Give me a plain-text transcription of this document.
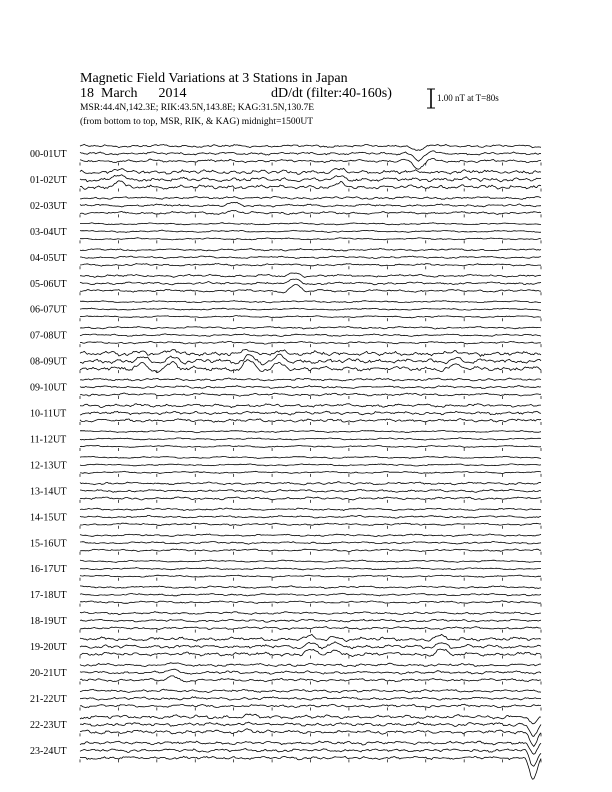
Magnetic Field Variations at 3 Stations in Japan
18 March 2014	dD/dt (filter:40-160s)
MSR:44.4N,142.3E; RIK:43.5N,143.8E; KAG:31.5N,130.7E
(from bottom to top, MSR, RIK, & KAG) midnight=1500UT
1.00 nT at T=80s
00-01UT
01-02UT
02-03UT
03-04UT
04-05UT
05-06UT
06-07UT
07-08UT
08-09UT
09-10UT
10-11UT
11-12UT
12-13UT
13-14UT
14-15UT
15-16UT
16-17UT
17-18UT
18-19UT
19-20UT
20-21UT
21-22UT
22-23UT
23-24UT
